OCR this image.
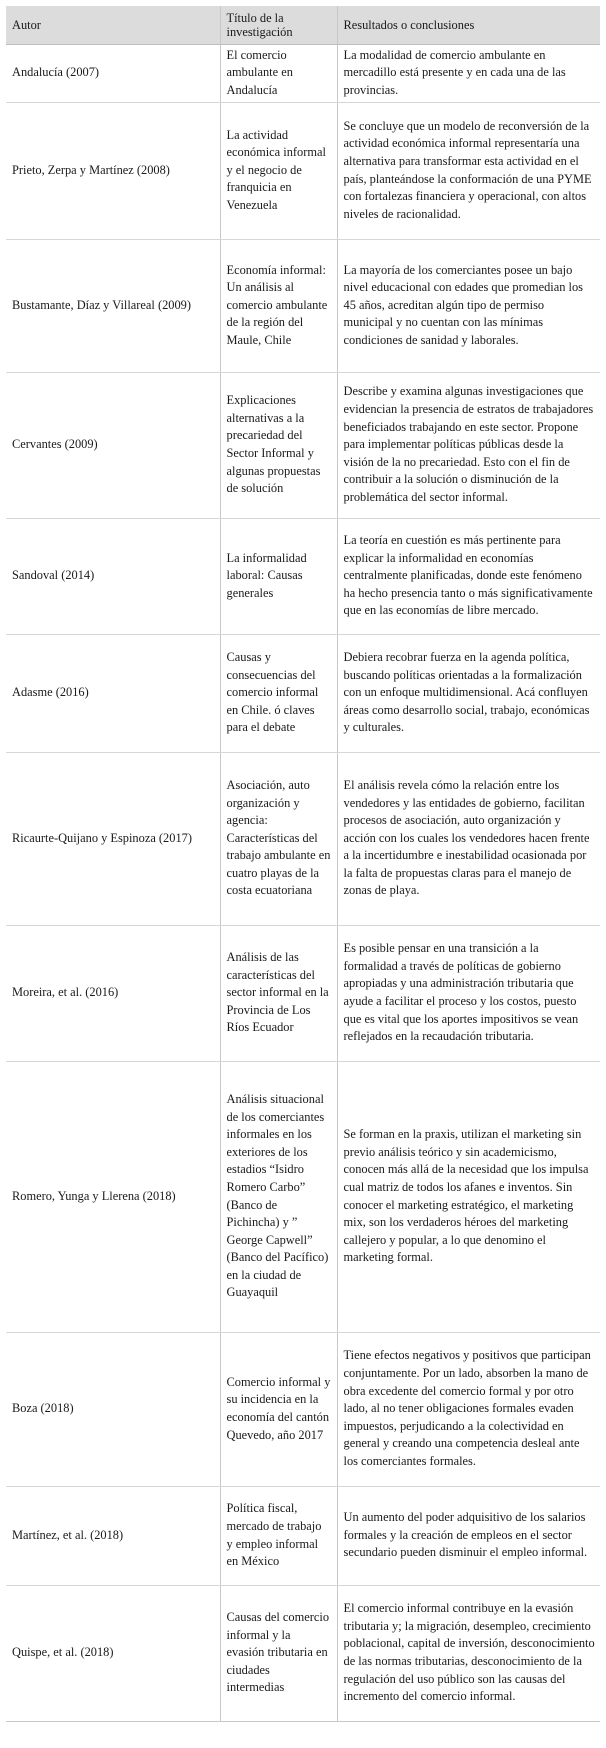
Autor	Título de la investigación	Resultados o conclusiones
Andalucía (2007)	El comercio ambulante en Andalucía	La modalidad de comercio ambulante en mercadillo está presente y en cada una de las provincias.
Prieto, Zerpa y Martínez (2008)	La actividad económica informal y el negocio de franquicia en Venezuela	Se concluye que un modelo de reconversión de la actividad económica informal representaría una alternativa para transformar esta actividad en el país, planteándose la conformación de una PYME con fortalezas financiera y operacional, con altos niveles de racionalidad.
Bustamante, Díaz y Villareal (2009)	Economía informal: Un análisis al comercio ambulante de la región del Maule, Chile	La mayoría de los comerciantes posee un bajo nivel educacional con edades que promedian los 45 años, acreditan algún tipo de permiso municipal y no cuentan con las mínimas condiciones de sanidad y laborales.
Cervantes (2009)	Explicaciones alternativas a la precariedad del Sector Informal y algunas propuestas de solución	Describe y examina algunas investigaciones que evidencian la presencia de estratos de trabajadores beneficiados trabajando en este sector. Propone para implementar políticas públicas desde la visión de la no precariedad. Esto con el fin de contribuir a la solución o disminución de la problemática del sector informal.
Sandoval (2014)	La informalidad laboral: Causas generales	La teoría en cuestión es más pertinente para explicar la informalidad en economías centralmente planificadas, donde este fenómeno ha hecho presencia tanto o más significativamente que en las economías de libre mercado.
Adasme (2016)	Causas y consecuencias del comercio informal en Chile. ó claves para el debate	Debiera recobrar fuerza en la agenda política, buscando políticas orientadas a la formalización con un enfoque multidimensional. Acá confluyen áreas como desarrollo social, trabajo, económicas y culturales.
Ricaurte-Quijano y Espinoza (2017)	Asociación, auto organización y agencia: Características del trabajo ambulante en cuatro playas de la costa ecuatoriana	El análisis revela cómo la relación entre los vendedores y las entidades de gobierno, facilitan procesos de asociación, auto organización y acción con los cuales los vendedores hacen frente a la incertidumbre e inestabilidad ocasionada por la falta de propuestas claras para el manejo de zonas de playa.
Moreira, et al. (2016)	Análisis de las características del sector informal en la Provincia de Los Ríos Ecuador	Es posible pensar en una transición a la formalidad a través de políticas de gobierno apropiadas y una administración tributaria que ayude a facilitar el proceso y los costos, puesto que es vital que los aportes impositivos se vean reflejados en la recaudación tributaria.
Romero, Yunga y Llerena (2018)	Análisis situacional de los comerciantes informales en los exteriores de los estadios “Isidro Romero Carbo” (Banco de Pichincha) y ” George Capwell” (Banco del Pacífico) en la ciudad de Guayaquil	Se forman en la praxis, utilizan el marketing sin previo análisis teórico y sin academicismo, conocen más allá de la necesidad que los impulsa cual matriz de todos los afanes e inventos. Sin conocer el marketing estratégico, el marketing mix, son los verdaderos héroes del marketing callejero y popular, a lo que denomino el marketing formal.
Boza (2018)	Comercio informal y su incidencia en la economía del cantón Quevedo, año 2017	Tiene efectos negativos y positivos que participan conjuntamente. Por un lado, absorben la mano de obra excedente del comercio formal y por otro lado, al no tener obligaciones formales evaden impuestos, perjudicando a la colectividad en general y creando una competencia desleal ante los comerciantes formales.
Martínez, et al. (2018)	Política fiscal, mercado de trabajo y empleo informal en México	Un aumento del poder adquisitivo de los salarios formales y la creación de empleos en el sector secundario pueden disminuir el empleo informal.
Quispe, et al. (2018)	Causas del comercio informal y la evasión tributaria en ciudades intermedias	El comercio informal contribuye en la evasión tributaria y; la migración, desempleo, crecimiento poblacional, capital de inversión, desconocimiento de las normas tributarias, desconocimiento de la regulación del uso público son las causas del incremento del comercio informal.
